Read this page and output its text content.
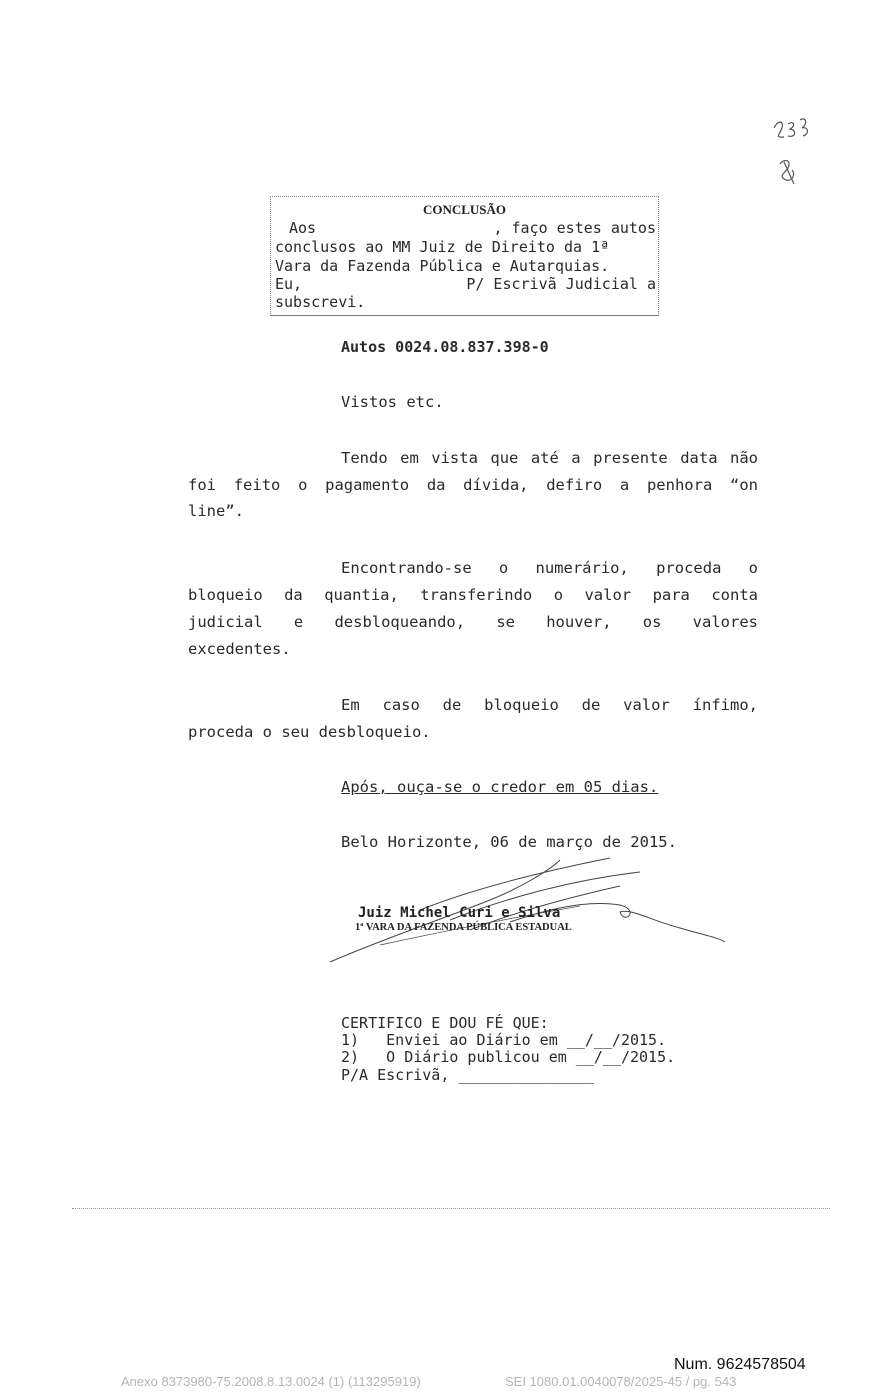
CONCLUSÃO
Aos	, faço estes autos
conclusos ao MM Juiz de Direito da 1ª
Vara da Fazenda Pública e Autarquias.
Eu,	P/ Escrivã Judicial a
subscrevi.
Autos 0024.08.837.398-0
Vistos etc.
Tendo em vista que até a presente data não
foi feito o pagamento da dívida, defiro a penhora “on
line”.
Encontrando-se o numerário, proceda o
bloqueio da quantia, transferindo o valor para conta
judicial e desbloqueando, se houver, os valores
excedentes.
Em caso de bloqueio de valor ínfimo,
proceda o seu desbloqueio.
Após, ouça-se o credor em 05 dias.
Belo Horizonte, 06 de março de 2015.
Juiz Michel Curi e Silva
1ª VARA DA FAZENDA PÚBLICA ESTADUAL
CERTIFICO E DOU FÉ QUE:
1)   Enviei ao Diário em __/__/2015.
2)   O Diário publicou em __/__/2015.
P/A Escrivã, _______________
Num. 9624578504
Anexo 8373980-75.2008.8.13.0024 (1) (113295919)	SEI 1080.01.0040078/2025-45 / pg. 543
